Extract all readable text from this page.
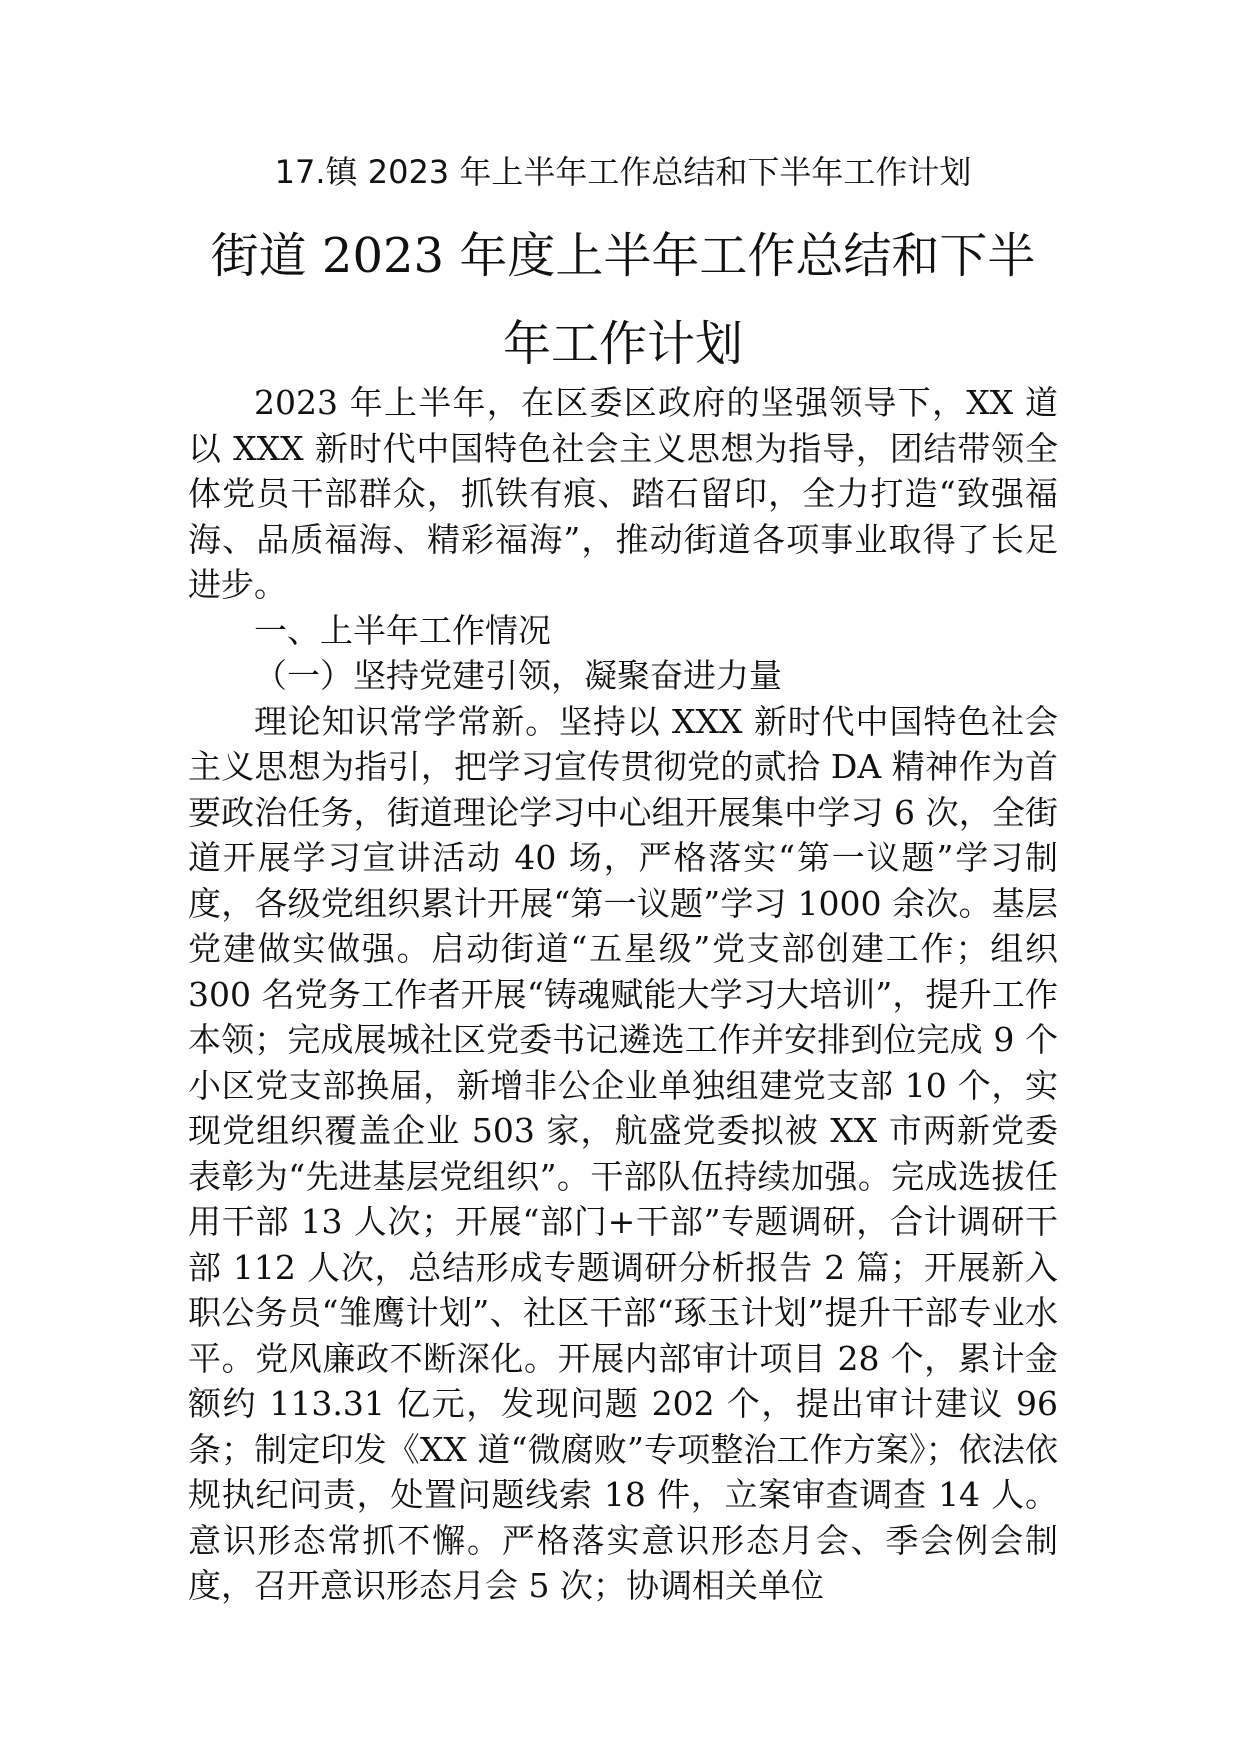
17.镇 2023 年上半年工作总结和下半年工作计划
街道 2023 年度上半年工作总结和下半年工作计划

2023 年上半年，在区委区政府的坚强领导下，XX 道以 XXX 新时代中国特色社会主义思想为指导，团结带领全体党员干部群众，抓铁有痕、踏石留印，全力打造“致强福海、品质福海、精彩福海”，推动街道各项事业取得了长足进步。

一、上半年工作情况

（一）坚持党建引领，凝聚奋进力量

理论知识常学常新。坚持以 XXX 新时代中国特色社会主义思想为指引，把学习宣传贯彻党的贰拾 DA 精神作为首要政治任务，街道理论学习中心组开展集中学习 6 次，全街道开展学习宣讲活动 40 场，严格落实“第一议题”学习制度，各级党组织累计开展“第一议题”学习 1000 余次。基层党建做实做强。启动街道“五星级”党支部创建工作；组织 300 名党务工作者开展“铸魂赋能大学习大培训”，提升工作本领；完成展城社区党委书记遴选工作并安排到位完成 9 个小区党支部换届，新增非公企业单独组建党支部 10 个，实现党组织覆盖企业 503 家，航盛党委拟被 XX 市两新党委表彰为“先进基层党组织”。干部队伍持续加强。完成选拔任用干部 13 人次；开展“部门+干部”专题调研，合计调研干部 112 人次，总结形成专题调研分析报告 2 篇；开展新入职公务员“雏鹰计划”、社区干部“琢玉计划”提升干部专业水平。党风廉政不断深化。开展内部审计项目 28 个，累计金额约 113.31 亿元，发现问题 202 个，提出审计建议 96 条；制定印发《XX 道“微腐败”专项整治工作方案》；依法依规执纪问责，处置问题线索 18 件，立案审查调查 14 人。意识形态常抓不懈。严格落实意识形态月会、季会例会制度，召开意识形态月会 5 次；协调相关单位
